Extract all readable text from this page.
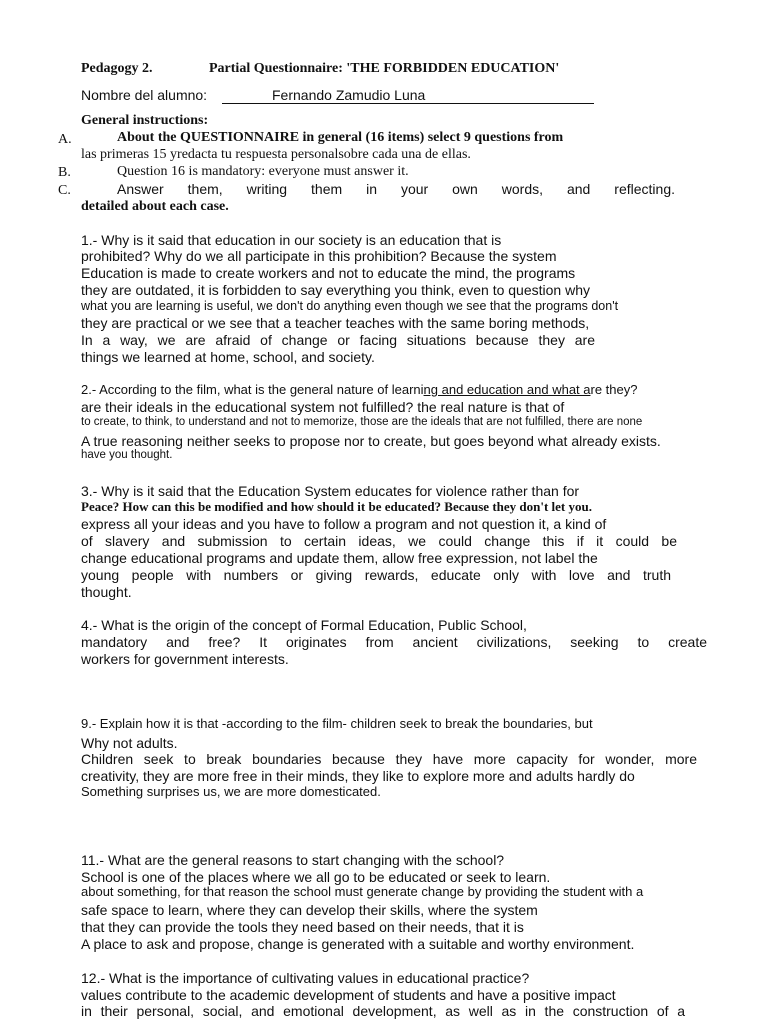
Pedagogy 2.	Partial Questionnaire: 'THE FORBIDDEN EDUCATION'
Nombre del alumno:	Fernando Zamudio Luna
General instructions:
A.	About the QUESTIONNAIRE in general (16 items) select 9 questions from
las primeras 15 yredacta tu respuesta personalsobre cada una de ellas.
B.	Question 16 is mandatory: everyone must answer it.
C.	Answer them, writing them in your own words, and reflecting.
detailed about each case.
1.- Why is it said that education in our society is an education that is
prohibited? Why do we all participate in this prohibition? Because the system
Education is made to create workers and not to educate the mind, the programs
they are outdated, it is forbidden to say everything you think, even to question why
what you are learning is useful, we don't do anything even though we see that the programs don't
they are practical or we see that a teacher teaches with the same boring methods,
In a way, we are afraid of change or facing situations because they are
things we learned at home, school, and society.
2.- According to the film, what is the general nature of learning and education and what are they?
are their ideals in the educational system not fulfilled? the real nature is that of
to create, to think, to understand and not to memorize, those are the ideals that are not fulfilled, there are none
A true reasoning neither seeks to propose nor to create, but goes beyond what already exists.
have you thought.
3.- Why is it said that the Education System educates for violence rather than for
Peace? How can this be modified and how should it be educated? Because they don't let you.
express all your ideas and you have to follow a program and not question it, a kind of
of slavery and submission to certain ideas, we could change this if it could be
change educational programs and update them, allow free expression, not label the
young people with numbers or giving rewards, educate only with love and truth
thought.
4.- What is the origin of the concept of Formal Education, Public School,
mandatory and free? It originates from ancient civilizations, seeking to create
workers for government interests.
9.- Explain how it is that -according to the film- children seek to break the boundaries, but
Why not adults.
Children seek to break boundaries because they have more capacity for wonder, more
creativity, they are more free in their minds, they like to explore more and adults hardly do
Something surprises us, we are more domesticated.
11.- What are the general reasons to start changing with the school?
School is one of the places where we all go to be educated or seek to learn.
about something, for that reason the school must generate change by providing the student with a
safe space to learn, where they can develop their skills, where the system
that they can provide the tools they need based on their needs, that it is
A place to ask and propose, change is generated with a suitable and worthy environment.
12.- What is the importance of cultivating values in educational practice?
values contribute to the academic development of students and have a positive impact
in their personal, social, and emotional development, as well as in the construction of a
